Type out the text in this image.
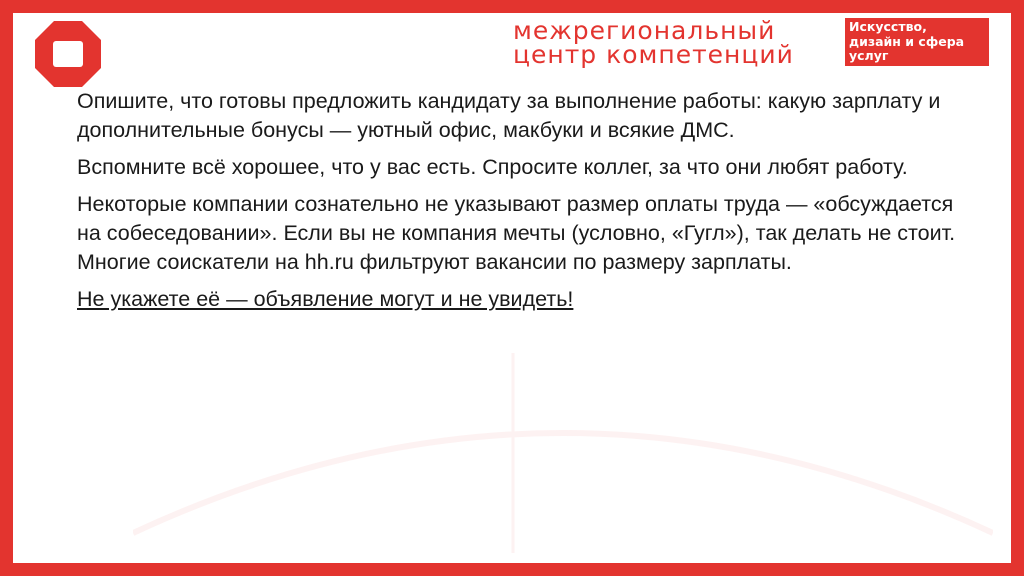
межрегиональный
центр компетенций
Искусство,
дизайн и сфера
услуг

Опишите, что готовы предложить кандидату за выполнение работы: какую зарплату и дополнительные бонусы — уютный офис, макбуки и всякие ДМС.

Вспомните всё хорошее, что у вас есть. Спросите коллег, за что они любят работу.

Некоторые компании сознательно не указывают размер оплаты труда — «обсуждается на собеседовании». Если вы не компания мечты (условно, «Гугл»), так делать не стоит. Многие соискатели на hh.ru фильтруют вакансии по размеру зарплаты.

Не укажете её — объявление могут и не увидеть!
